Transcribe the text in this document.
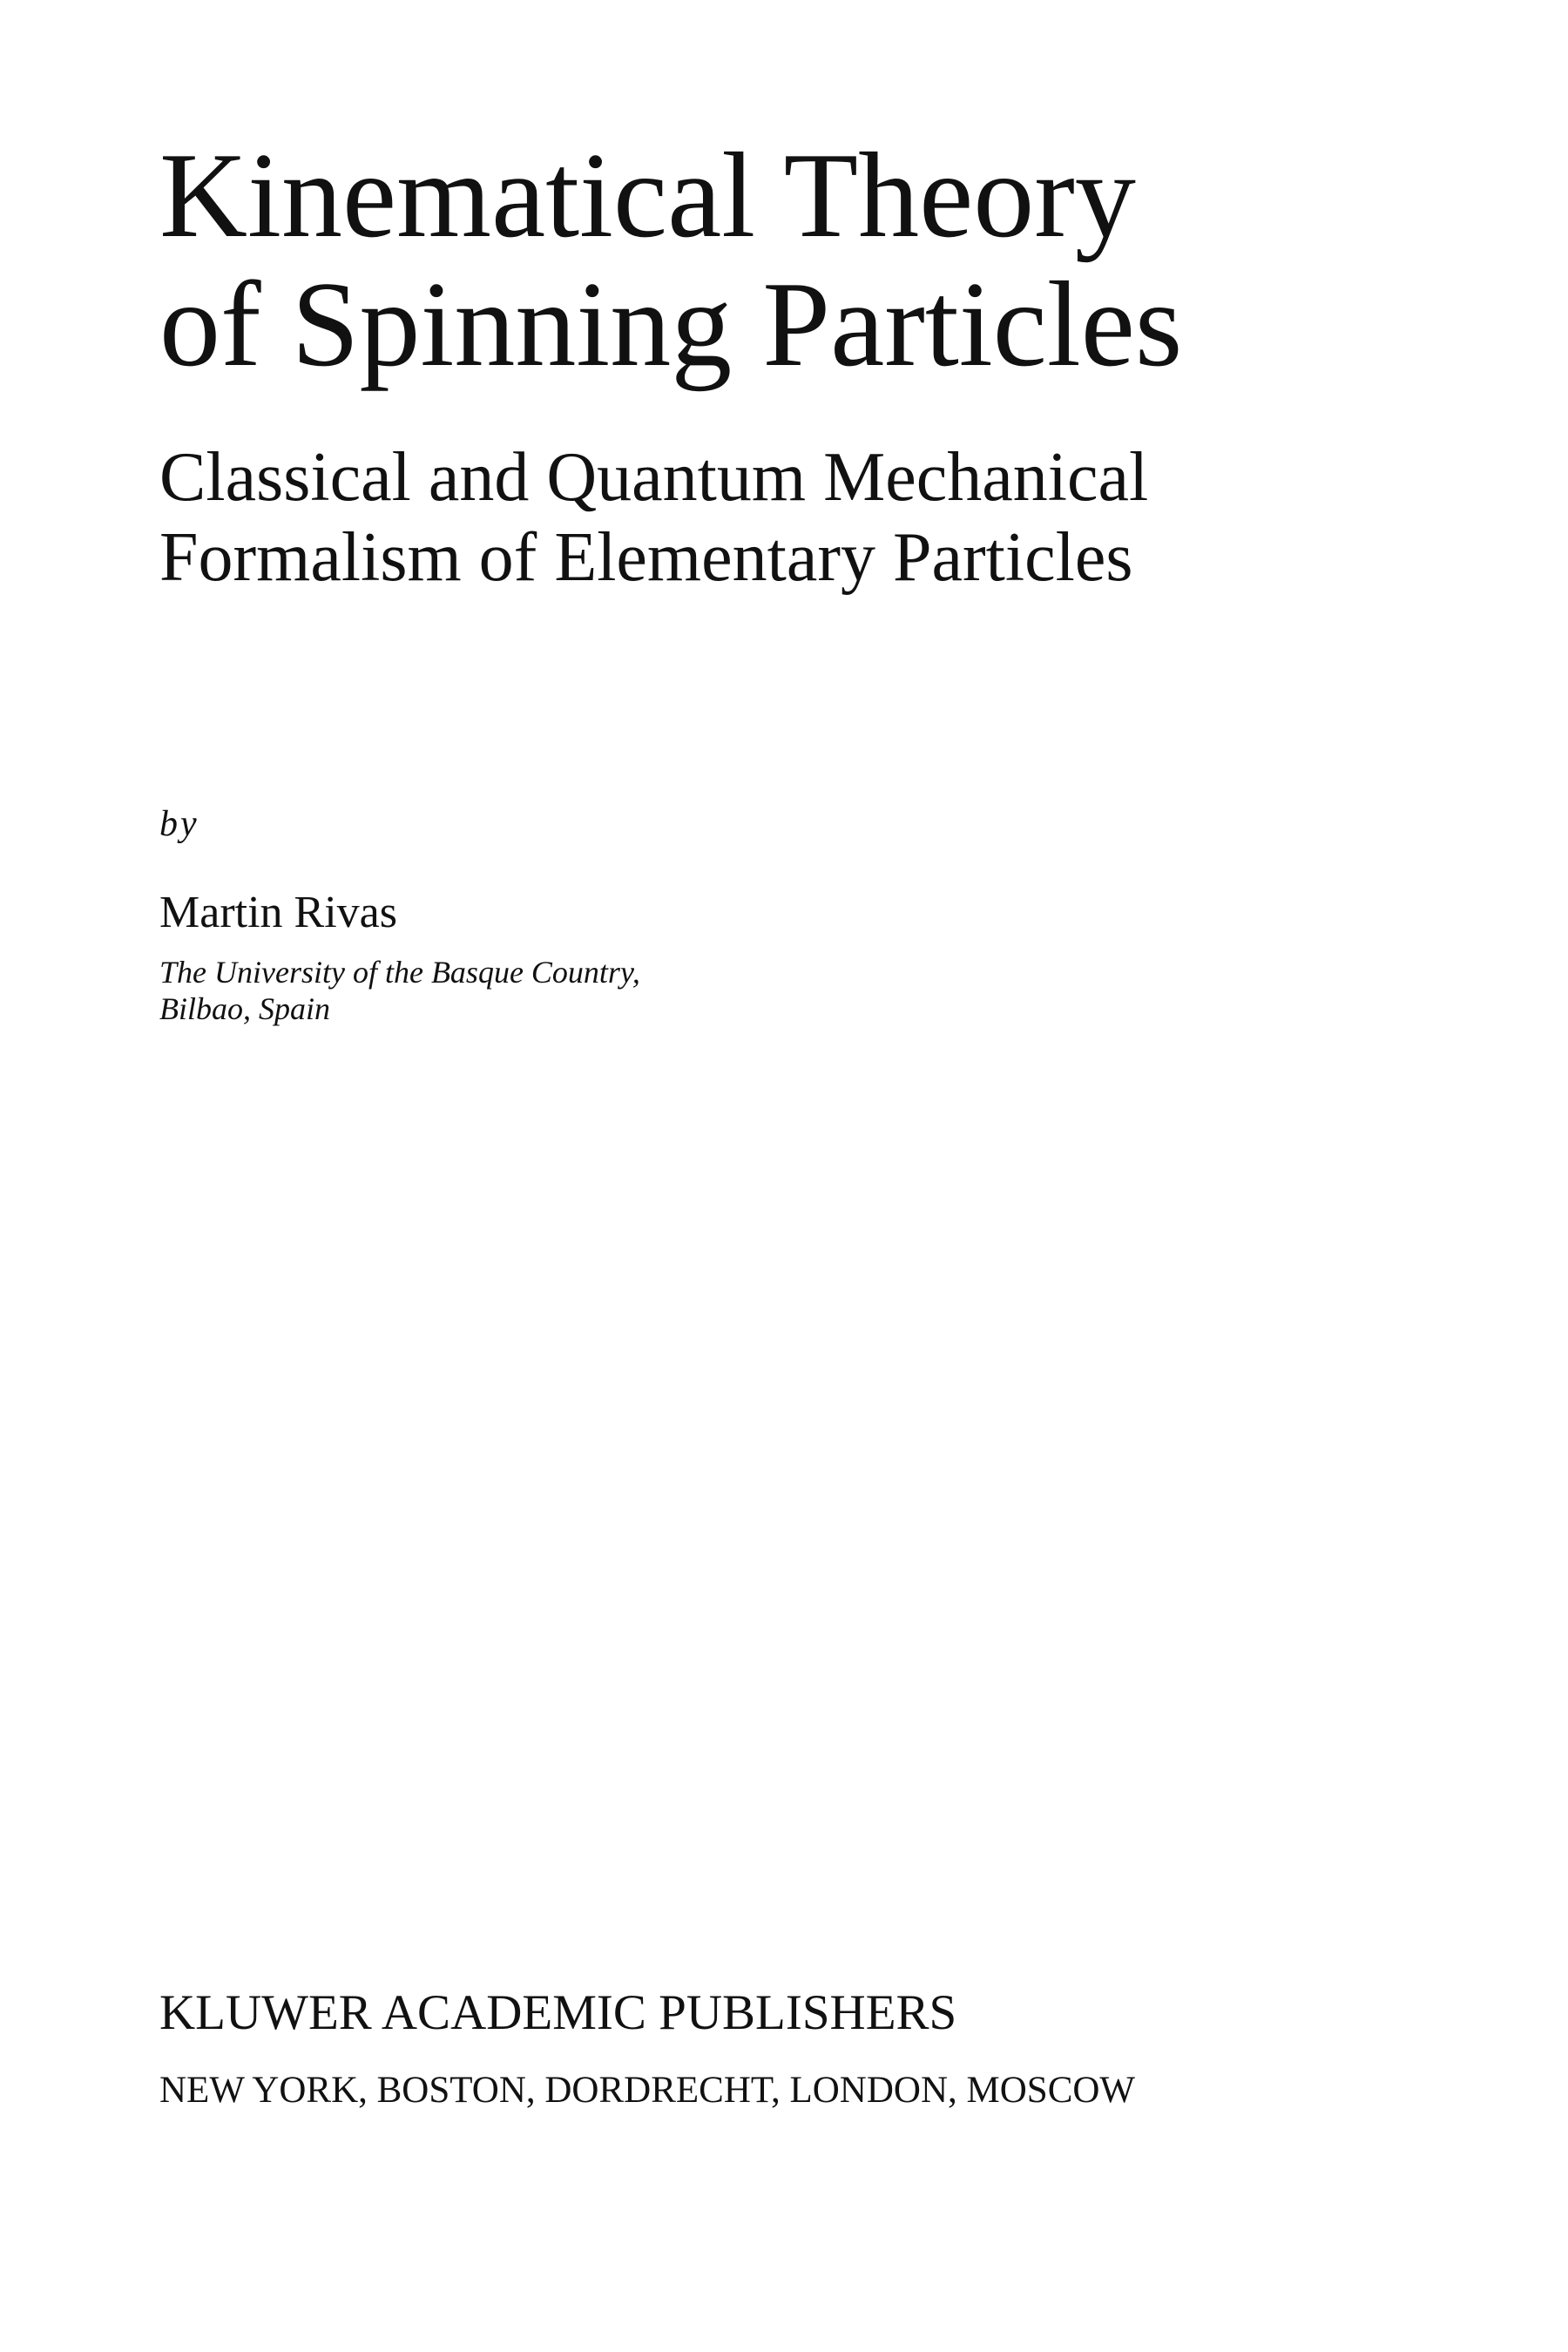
Kinematical Theory
of Spinning Particles
Classical and Quantum Mechanical
Formalism of Elementary Particles
by
Martin Rivas
The University of the Basque Country,
Bilbao, Spain
KLUWER ACADEMIC PUBLISHERS
NEW YORK, BOSTON, DORDRECHT, LONDON, MOSCOW
